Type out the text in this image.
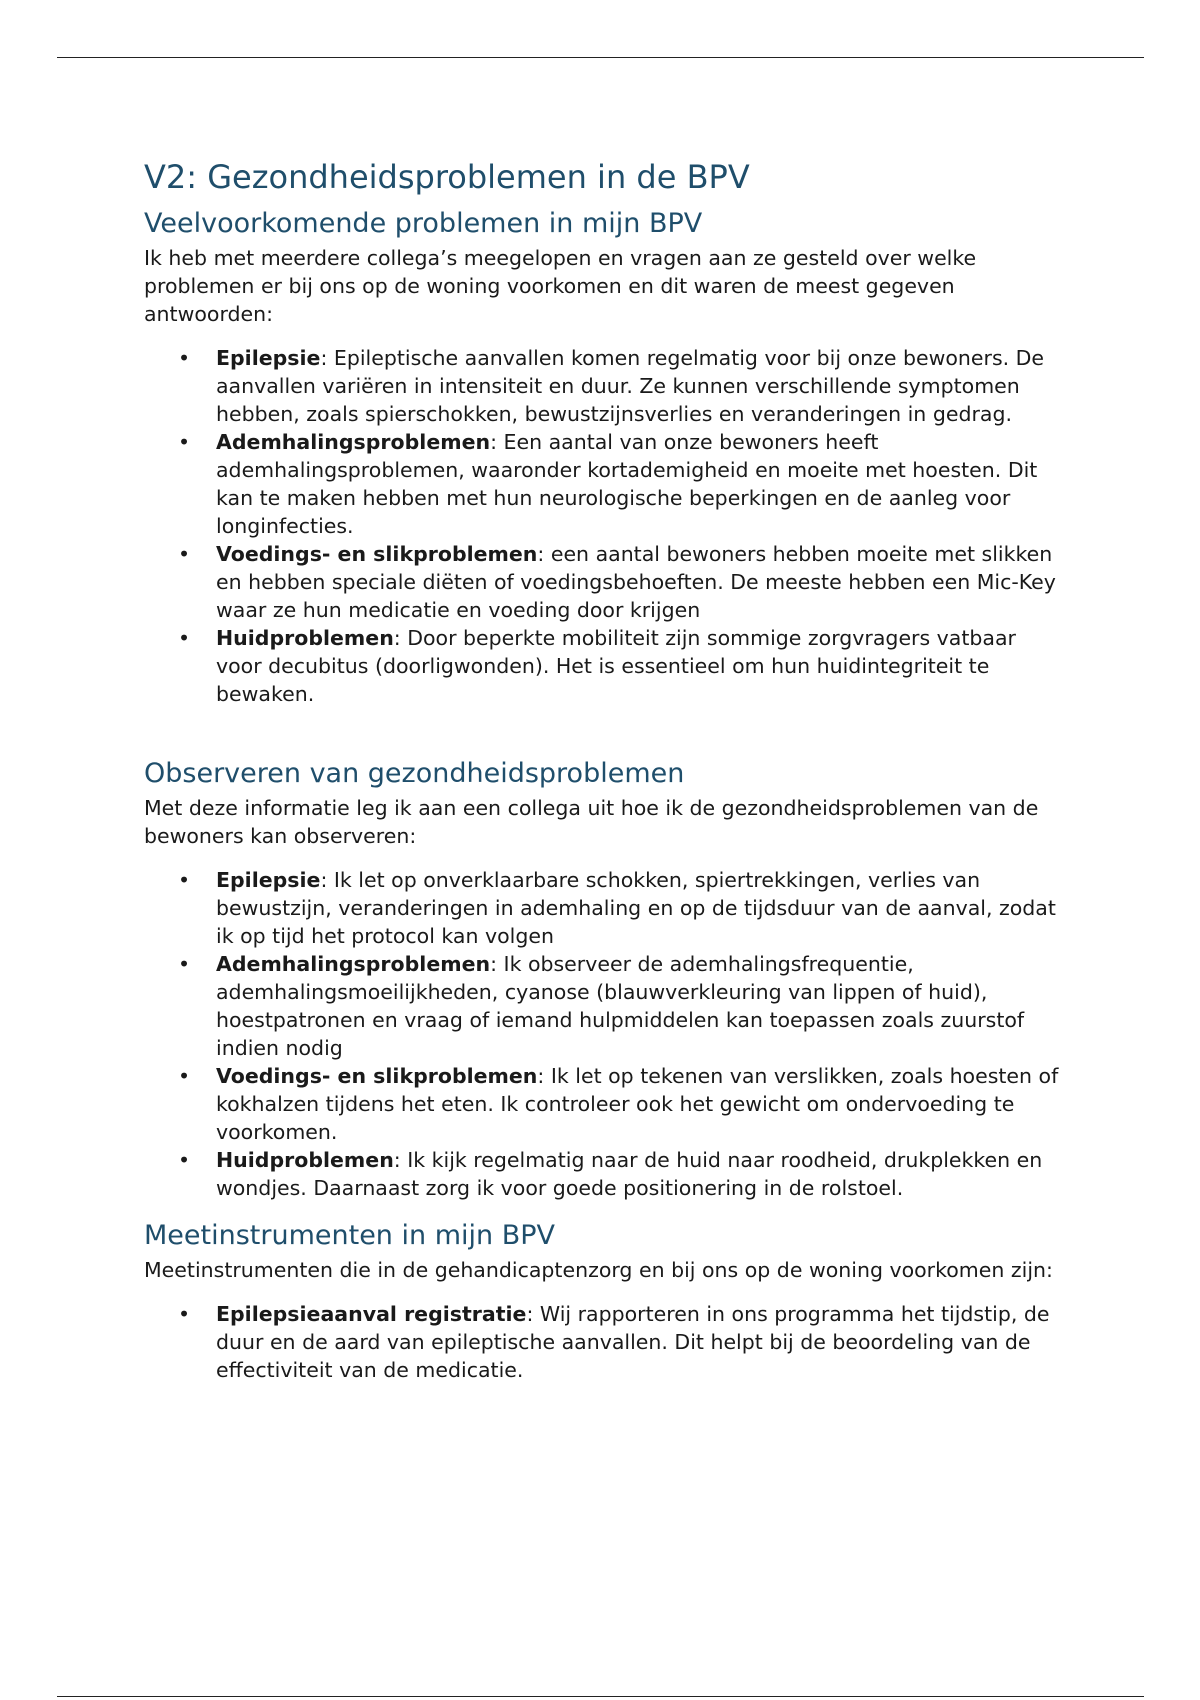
V2: Gezondheidsproblemen in de BPV
Veelvoorkomende problemen in mijn BPV

Ik heb met meerdere collega’s meegelopen en vragen aan ze gesteld over welke problemen er bij ons op de woning voorkomen en dit waren de meest gegeven antwoorden:

• Epilepsie: Epileptische aanvallen komen regelmatig voor bij onze bewoners. De aanvallen variëren in intensiteit en duur. Ze kunnen verschillende symptomen hebben, zoals spierschokken, bewustzijnsverlies en veranderingen in gedrag.
• Ademhalingsproblemen: Een aantal van onze bewoners heeft ademhalingsproblemen, waaronder kortademigheid en moeite met hoesten. Dit kan te maken hebben met hun neurologische beperkingen en de aanleg voor longinfecties.
• Voedings- en slikproblemen: een aantal bewoners hebben moeite met slikken en hebben speciale diëten of voedingsbehoeften. De meeste hebben een Mic-Key waar ze hun medicatie en voeding door krijgen
• Huidproblemen: Door beperkte mobiliteit zijn sommige zorgvragers vatbaar voor decubitus (doorligwonden). Het is essentieel om hun huidintegriteit te bewaken.
Observeren van gezondheidsproblemen

Met deze informatie leg ik aan een collega uit hoe ik de gezondheidsproblemen van de bewoners kan observeren:

• Epilepsie: Ik let op onverklaarbare schokken, spiertrekkingen, verlies van bewustzijn, veranderingen in ademhaling en op de tijdsduur van de aanval, zodat ik op tijd het protocol kan volgen
• Ademhalingsproblemen: Ik observeer de ademhalingsfrequentie, ademhalingsmoeilijkheden, cyanose (blauwverkleuring van lippen of huid), hoestpatronen en vraag of iemand hulpmiddelen kan toepassen zoals zuurstof indien nodig
• Voedings- en slikproblemen: Ik let op tekenen van verslikken, zoals hoesten of kokhalzen tijdens het eten. Ik controleer ook het gewicht om ondervoeding te voorkomen.
• Huidproblemen: Ik kijk regelmatig naar de huid naar roodheid, drukplekken en wondjes. Daarnaast zorg ik voor goede positionering in de rolstoel.
Meetinstrumenten in mijn BPV

Meetinstrumenten die in de gehandicaptenzorg en bij ons op de woning voorkomen zijn:

• Epilepsieaanval registratie: Wij rapporteren in ons programma het tijdstip, de duur en de aard van epileptische aanvallen. Dit helpt bij de beoordeling van de effectiviteit van de medicatie.
